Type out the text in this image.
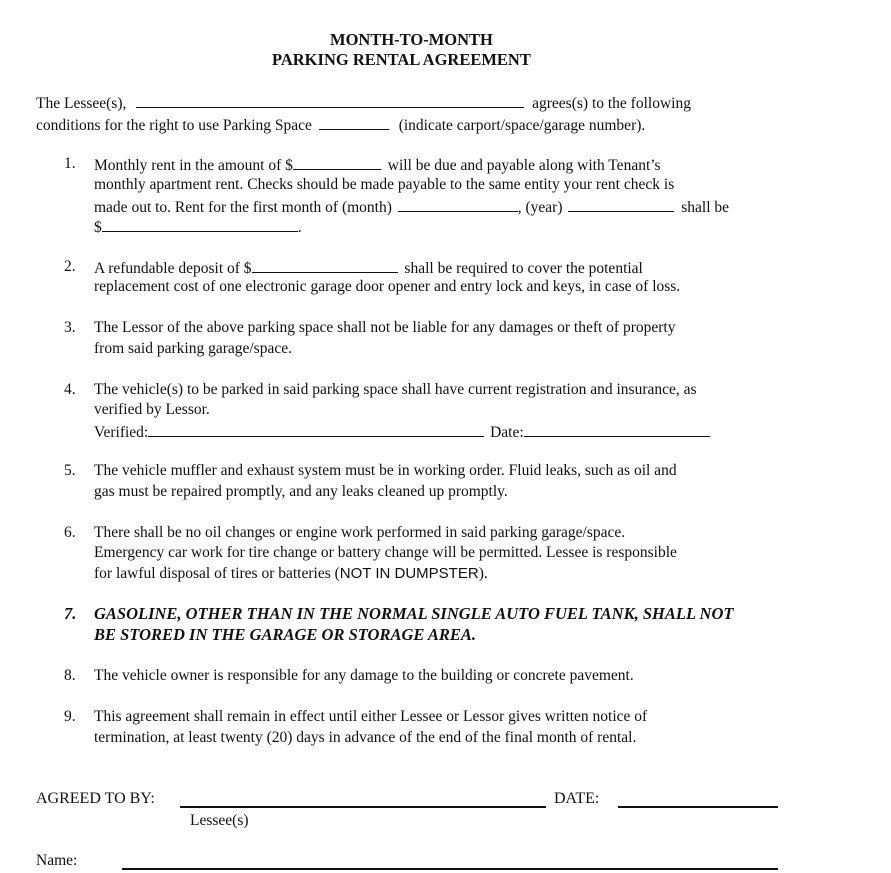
MONTH-TO-MONTH
PARKING RENTAL AGREEMENT
The Lessee(s),	agrees(s) to the following
conditions for the right to use Parking Space	(indicate carport/space/garage number).
1. Monthly rent in the amount of $	will be due and payable along with Tenant’s
monthly apartment rent. Checks should be made payable to the same entity your rent check is
made out to. Rent for the first month of (month)	, (year)	shall be
$	.
2. A refundable deposit of $	shall be required to cover the potential
replacement cost of one electronic garage door opener and entry lock and keys, in case of loss.
3. The Lessor of the above parking space shall not be liable for any damages or theft of property
from said parking garage/space.
4. The vehicle(s) to be parked in said parking space shall have current registration and insurance, as
verified by Lessor.
Verified:	Date:
5. The vehicle muffler and exhaust system must be in working order. Fluid leaks, such as oil and
gas must be repaired promptly, and any leaks cleaned up promptly.
6. There shall be no oil changes or engine work performed in said parking garage/space.
Emergency car work for tire change or battery change will be permitted. Lessee is responsible
for lawful disposal of tires or batteries (NOT IN DUMPSTER).
7. GASOLINE, OTHER THAN IN THE NORMAL SINGLE AUTO FUEL TANK, SHALL NOT
BE STORED IN THE GARAGE OR STORAGE AREA.
8. The vehicle owner is responsible for any damage to the building or concrete pavement.
9. This agreement shall remain in effect until either Lessee or Lessor gives written notice of
termination, at least twenty (20) days in advance of the end of the final month of rental.
AGREED TO BY:	DATE:
Lessee(s)
Name:
